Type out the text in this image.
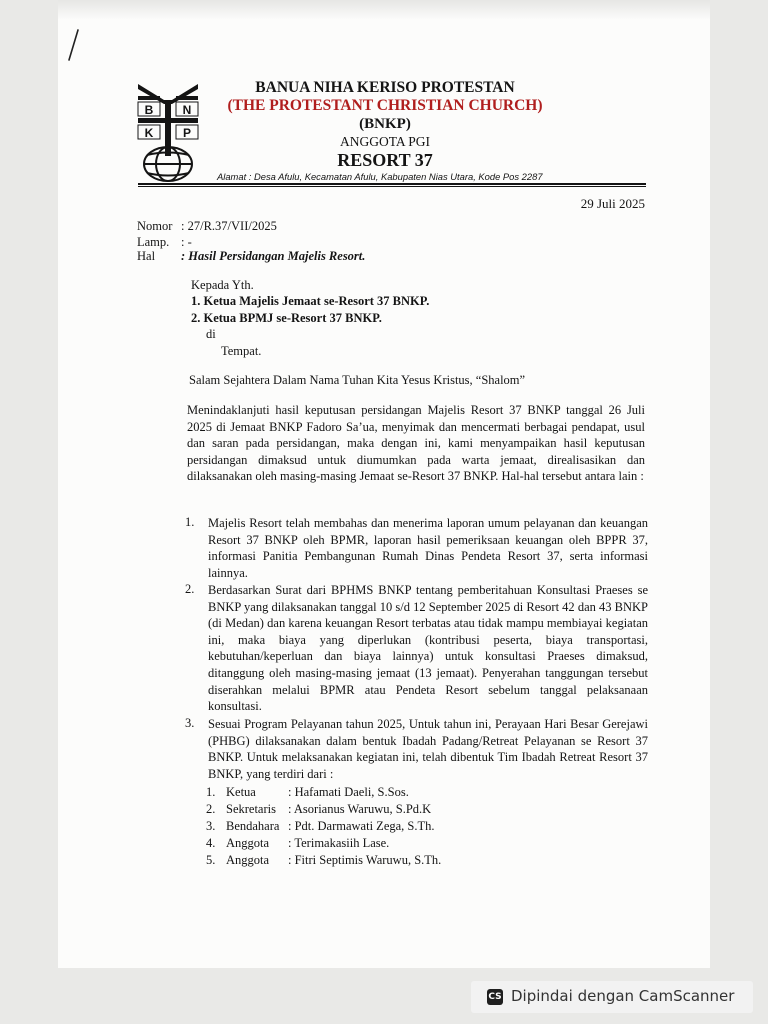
B N
K P
BANUA NIHA KERISO PROTESTAN
(THE PROTESTANT CHRISTIAN CHURCH)
(BNKP)
ANGGOTA PGI
RESORT 37
Alamat : Desa Afulu, Kecamatan Afulu, Kabupaten Nias Utara, Kode Pos 2287
29 Juli 2025
Nomor : 27/R.37/VII/2025
Lamp. : -
Hal : Hasil Persidangan Majelis Resort.
Kepada Yth.
1. Ketua Majelis Jemaat se-Resort 37 BNKP.
2. Ketua BPMJ se-Resort 37 BNKP.
di
Tempat.
Salam Sejahtera Dalam Nama Tuhan Kita Yesus Kristus, “Shalom”

Menindaklanjuti hasil keputusan persidangan Majelis Resort 37 BNKP tanggal 26 Juli 2025 di Jemaat BNKP Fadoro Sa’ua, menyimak dan mencermati berbagai pendapat, usul dan saran pada persidangan, maka dengan ini, kami menyampaikan hasil keputusan persidangan dimaksud untuk diumumkan pada warta jemaat, direalisasikan dan dilaksanakan oleh masing-masing Jemaat se-Resort 37 BNKP. Hal-hal tersebut antara lain :

1. Majelis Resort telah membahas dan menerima laporan umum pelayanan dan keuangan Resort 37 BNKP oleh BPMR, laporan hasil pemeriksaan keuangan oleh BPPR 37, informasi Panitia Pembangunan Rumah Dinas Pendeta Resort 37, serta informasi lainnya.

2. Berdasarkan Surat dari BPHMS BNKP tentang pemberitahuan Konsultasi Praeses se BNKP yang dilaksanakan tanggal 10 s/d 12 September 2025 di Resort 42 dan 43 BNKP (di Medan) dan karena keuangan Resort terbatas atau tidak mampu membiayai kegiatan ini, maka biaya yang diperlukan (kontribusi peserta, biaya transportasi, kebutuhan/keperluan dan biaya lainnya) untuk konsultasi Praeses dimaksud, ditanggung oleh masing-masing jemaat (13 jemaat). Penyerahan tanggungan tersebut diserahkan melalui BPMR atau Pendeta Resort sebelum tanggal pelaksanaan konsultasi.

3. Sesuai Program Pelayanan tahun 2025, Untuk tahun ini, Perayaan Hari Besar Gerejawi (PHBG) dilaksanakan dalam bentuk Ibadah Padang/Retreat Pelayanan se Resort 37 BNKP. Untuk melaksanakan kegiatan ini, telah dibentuk Tim Ibadah Retreat Resort 37 BNKP, yang terdiri dari :

1. Ketua	: Hafamati Daeli, S.Sos.
2. Sekretaris : Asorianus Waruwu, S.Pd.K
3. Bendahara : Pdt. Darmawati Zega, S.Th.
4. Anggota : Terimakasiih Lase.
5. Anggota : Fitri Septimis Waruwu, S.Th.
CS Dipindai dengan CamScanner
